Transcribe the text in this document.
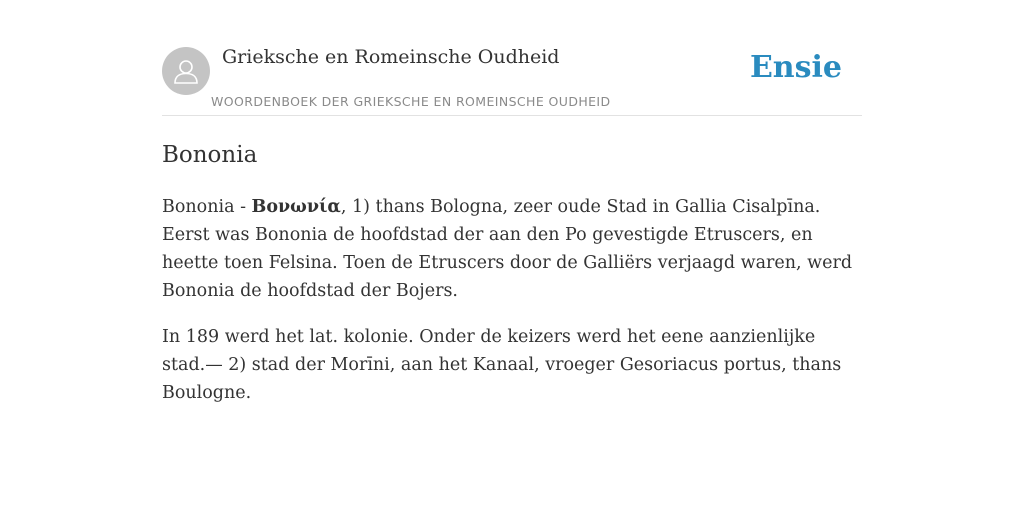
Grieksche en Romeinsche Oudheid
WOORDENBOEK DER GRIEKSCHE EN ROMEINSCHE OUDHEID
Ensie
Bononia

Bononia - Βονωνία, 1) thans Bologna, zeer oude Stad in Gallia Cisalpīna. Eerst was Bononia de hoofdstad der aan den Po gevestigde Etruscers, en heette toen Felsina. Toen de Etruscers door de Galliërs verjaagd waren, werd Bononia de hoofdstad der Bojers.

In 189 werd het lat. kolonie. Onder de keizers werd het eene aanzienlijke stad.— 2) stad der Morīni, aan het Kanaal, vroeger Gesoriacus portus, thans Boulogne.
